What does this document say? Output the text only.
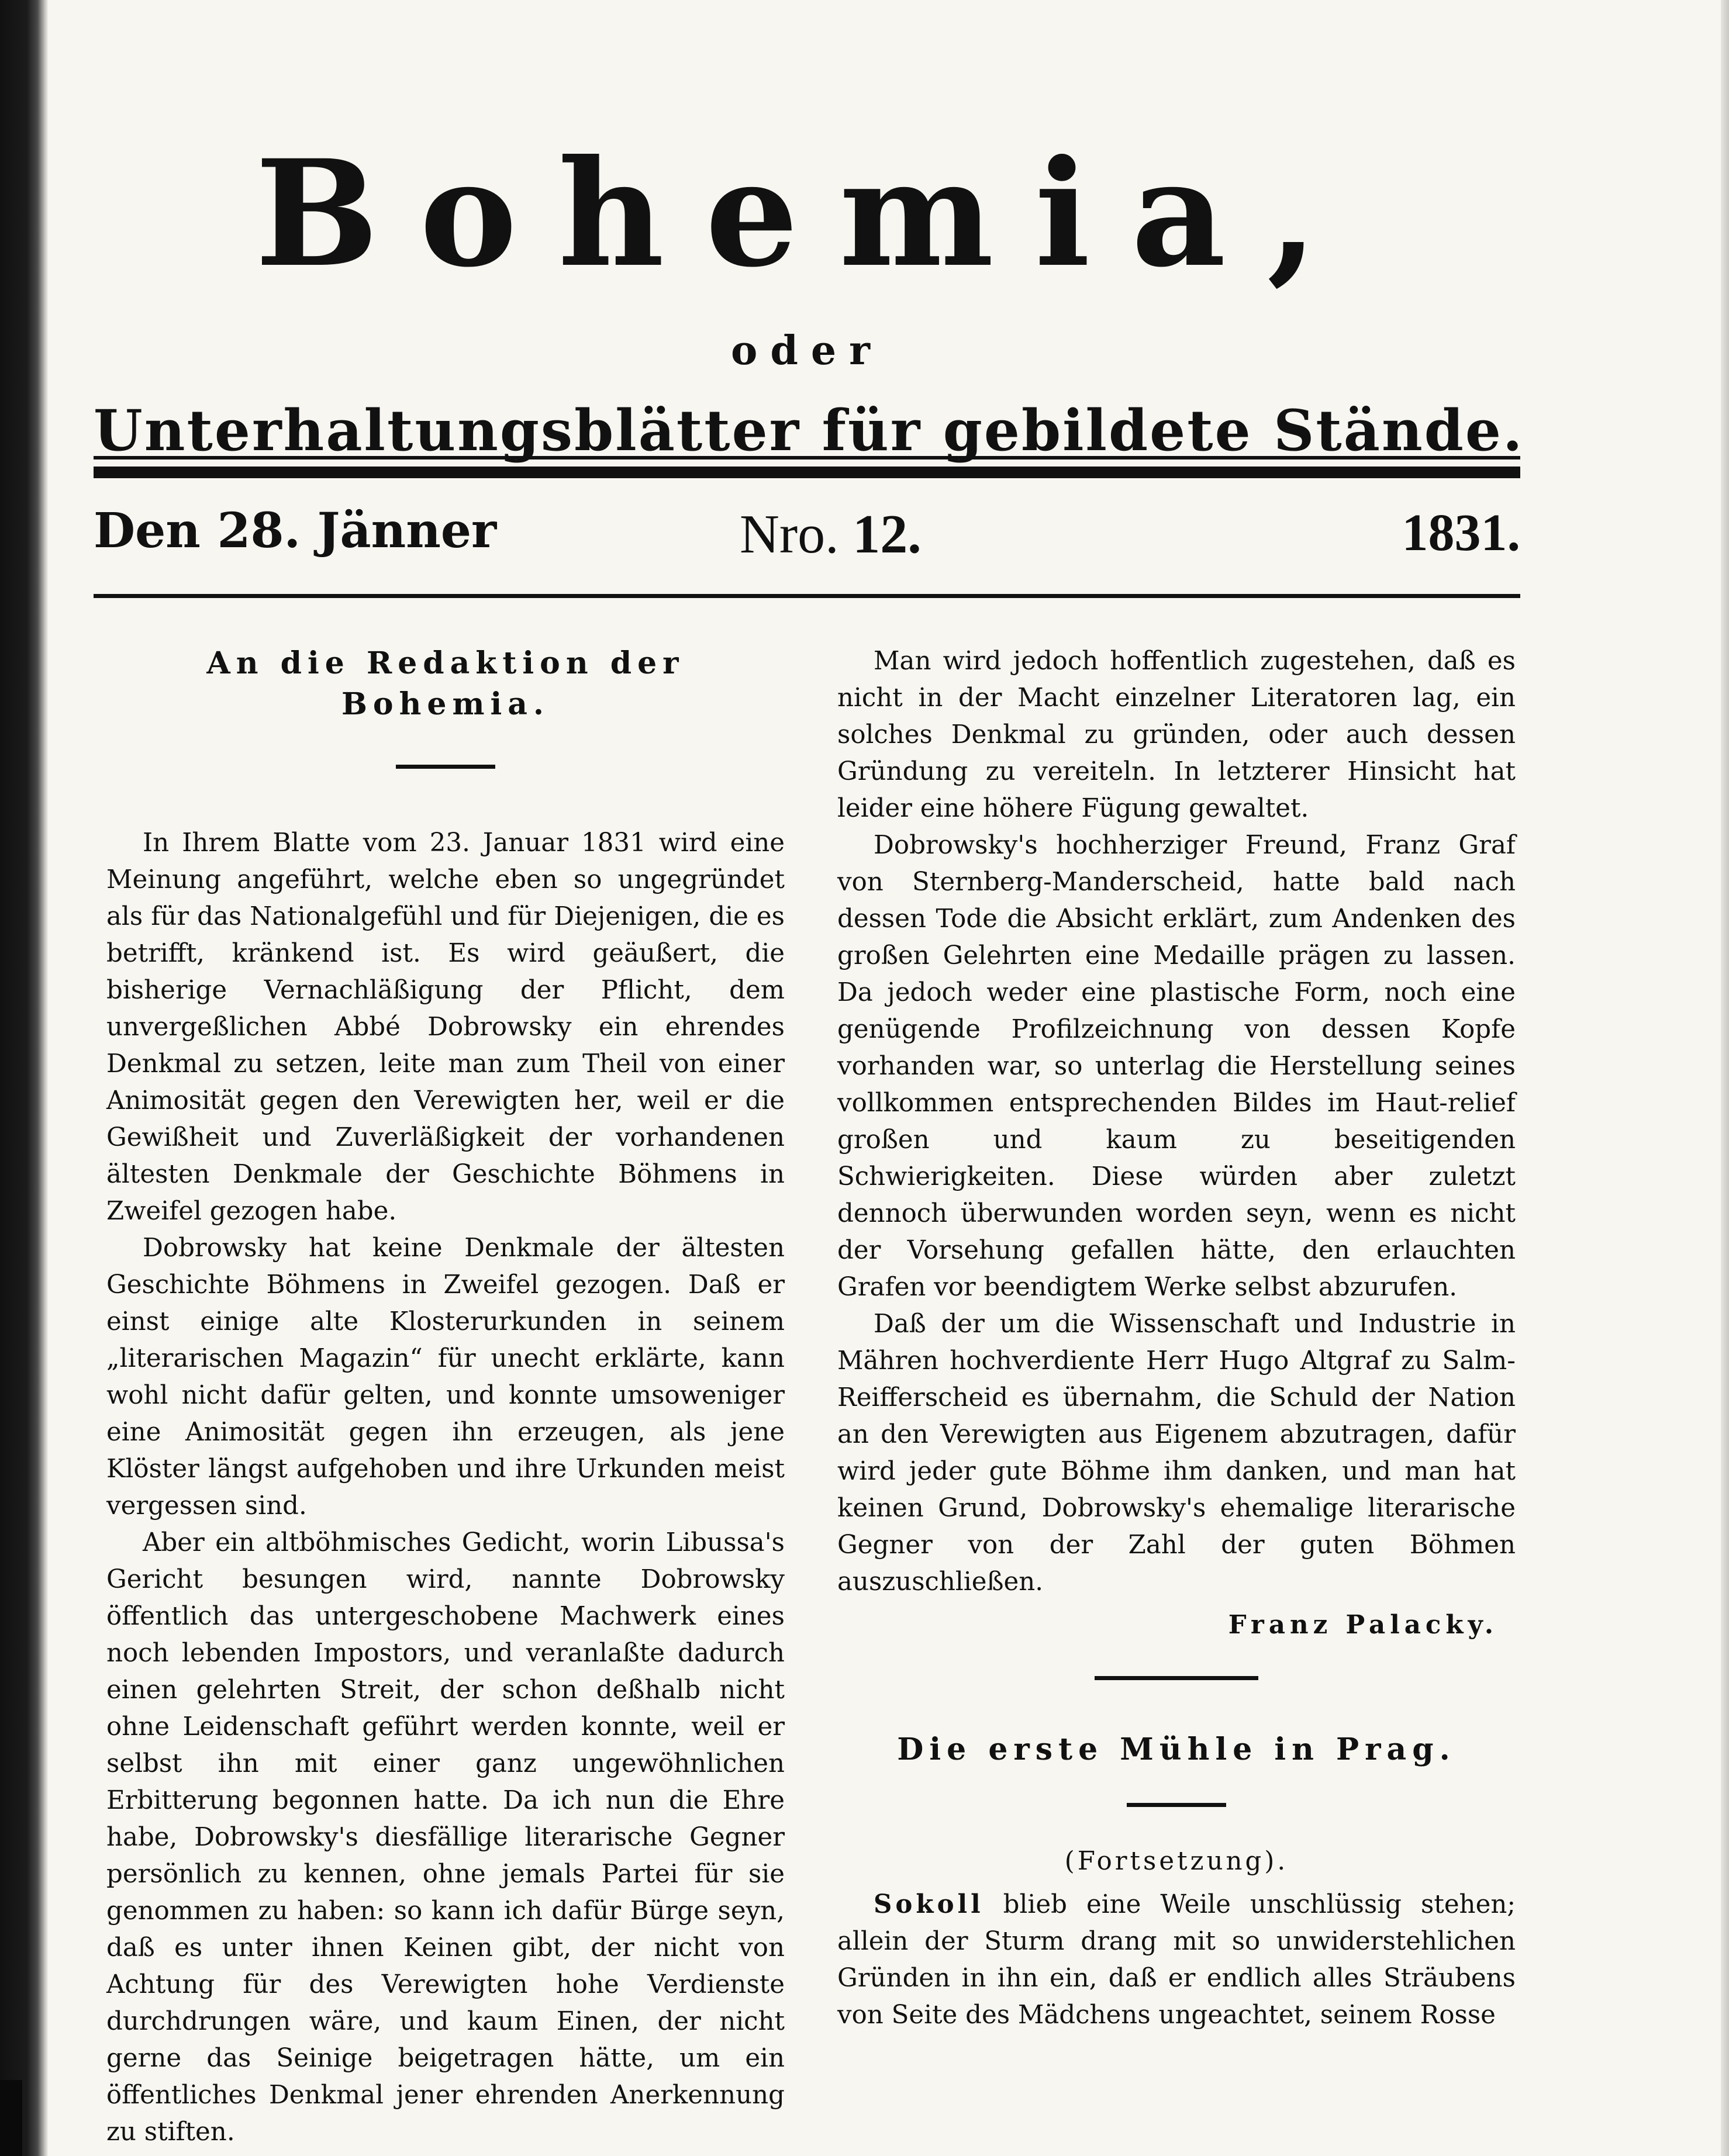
Bohemia,
oder
Unterhaltungsblätter für gebildete Stände.
Den 28. Jänner	Nro. 12.	1831.
An die Redaktion der Bohemia.

In Ihrem Blatte vom 23. Januar 1831 wird eine Meinung angeführt, welche eben so ungegründet als für das Nationalgefühl und für Diejenigen, die es betrifft, kränkend ist. Es wird geäußert, die bisherige Vernachläßigung der Pflicht, dem unvergeßlichen Abbé Dobrowsky ein ehrendes Denkmal zu setzen, leite man zum Theil von einer Animosität gegen den Verewigten her, weil er die Gewißheit und Zuverläßigkeit der vorhandenen ältesten Denkmale der Geschichte Böhmens in Zweifel gezogen habe.

Dobrowsky hat keine Denkmale der ältesten Geschichte Böhmens in Zweifel gezogen. Daß er einst einige alte Klosterurkunden in seinem „literarischen Magazin“ für unecht erklärte, kann wohl nicht dafür gelten, und konnte umsoweniger eine Animosität gegen ihn erzeugen, als jene Klöster längst aufgehoben und ihre Urkunden meist vergessen sind.

Aber ein altböhmisches Gedicht, worin Libussa's Gericht besungen wird, nannte Dobrowsky öffentlich das untergeschobene Machwerk eines noch lebenden Impostors, und veranlaßte dadurch einen gelehrten Streit, der schon deßhalb nicht ohne Leidenschaft geführt werden konnte, weil er selbst ihn mit einer ganz ungewöhnlichen Erbitterung begonnen hatte. Da ich nun die Ehre habe, Dobrowsky's diesfällige literarische Gegner persönlich zu kennen, ohne jemals Partei für sie genommen zu haben: so kann ich dafür Bürge seyn, daß es unter ihnen Keinen gibt, der nicht von Achtung für des Verewigten hohe Verdienste durchdrungen wäre, und kaum Einen, der nicht gerne das Seinige beigetragen hätte, um ein öffentliches Denkmal jener ehrenden Anerkennung zu stiften.

Man wird jedoch hoffentlich zugestehen, daß es nicht in der Macht einzelner Literatoren lag, ein solches Denkmal zu gründen, oder auch dessen Gründung zu vereiteln. In letzterer Hinsicht hat leider eine höhere Fügung gewaltet.

Dobrowsky's hochherziger Freund, Franz Graf von Sternberg-Manderscheid, hatte bald nach dessen Tode die Absicht erklärt, zum Andenken des großen Gelehrten eine Medaille prägen zu lassen. Da jedoch weder eine plastische Form, noch eine genügende Profilzeichnung von dessen Kopfe vorhanden war, so unterlag die Herstellung seines vollkommen entsprechenden Bildes im Haut-relief großen und kaum zu beseitigenden Schwierigkeiten. Diese würden aber zuletzt dennoch überwunden worden seyn, wenn es nicht der Vorsehung gefallen hätte, den erlauchten Grafen vor beendigtem Werke selbst abzurufen.

Daß der um die Wissenschaft und Industrie in Mähren hochverdiente Herr Hugo Altgraf zu Salm-Reifferscheid es übernahm, die Schuld der Nation an den Verewigten aus Eigenem abzutragen, dafür wird jeder gute Böhme ihm danken, und man hat keinen Grund, Dobrowsky's ehemalige literarische Gegner von der Zahl der guten Böhmen auszuschließen.

Franz Palacky.
Die erste Mühle in Prag.
(Fortsetzung).

Sokoll blieb eine Weile unschlüssig stehen; allein der Sturm drang mit so unwiderstehlichen Gründen in ihn ein, daß er endlich alles Sträubens von Seite des Mädchens ungeachtet, seinem Rosse
